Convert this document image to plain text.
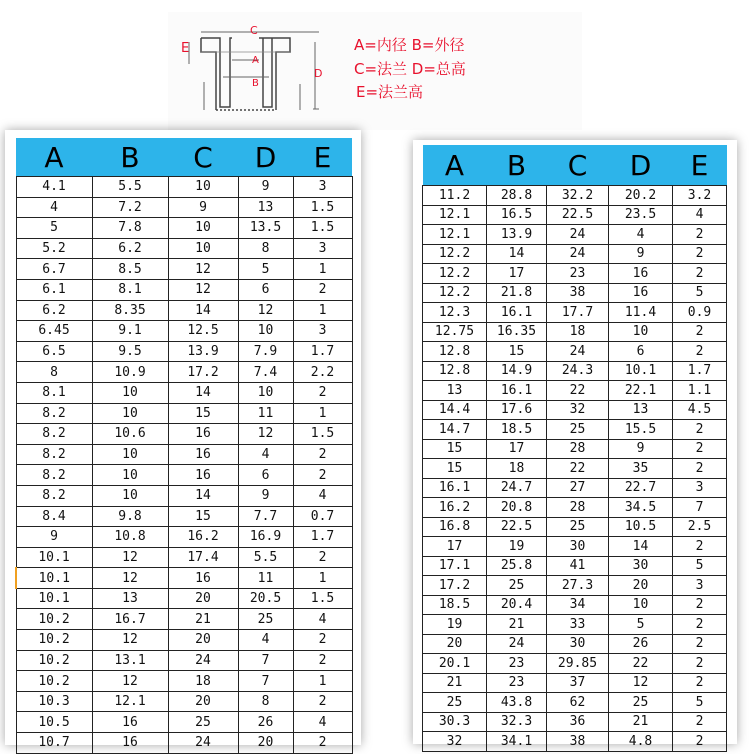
C
A
B
D
E	A=内径 B=外径
C=法兰 D=总高
E=法兰高
A	B	C	D	E
4.1	5.5	10	9	3
4	7.2	9	13	1.5
5	7.8	10	13.5	1.5
5.2	6.2	10	8	3
6.7	8.5	12	5	1
6.1	8.1	12	6	2
6.2	8.35	14	12	1
6.45	9.1	12.5	10	3
6.5	9.5	13.9	7.9	1.7
8	10.9	17.2	7.4	2.2
8.1	10	14	10	2
8.2	10	15	11	1
8.2	10.6	16	12	1.5
8.2	10	16	4	2
8.2	10	16	6	2
8.2	10	14	9	4
8.4	9.8	15	7.7	0.7
9	10.8	16.2	16.9	1.7
10.1	12	17.4	5.5	2
10.1	12	16	11	1
10.1	13	20	20.5	1.5
10.2	16.7	21	25	4
10.2	12	20	4	2
10.2	13.1	24	7	2
10.2	12	18	7	1
10.3	12.1	20	8	2
10.5	16	25	26	4
10.7	16	24	20	2
A	B	C	D	E
11.2	28.8	32.2	20.2	3.2
12.1	16.5	22.5	23.5	4
12.1	13.9	24	4	2
12.2	14	24	9	2
12.2	17	23	16	2
12.2	21.8	38	16	5
12.3	16.1	17.7	11.4	0.9
12.75	16.35	18	10	2
12.8	15	24	6	2
12.8	14.9	24.3	10.1	1.7
13	16.1	22	22.1	1.1
14.4	17.6	32	13	4.5
14.7	18.5	25	15.5	2
15	17	28	9	2
15	18	22	35	2
16.1	24.7	27	22.7	3
16.2	20.8	28	34.5	7
16.8	22.5	25	10.5	2.5
17	19	30	14	2
17.1	25.8	41	30	5
17.2	25	27.3	20	3
18.5	20.4	34	10	2
19	21	33	5	2
20	24	30	26	2
20.1	23	29.85	22	2
21	23	37	12	2
25	43.8	62	25	5
30.3	32.3	36	21	2
32	34.1	38	4.8	2
